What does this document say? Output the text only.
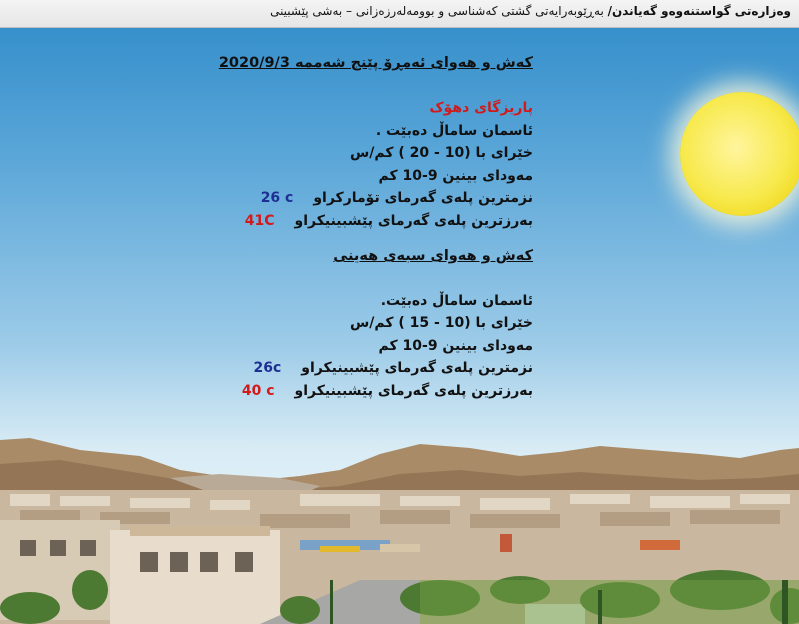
وەزارەتی گواستنەوەو گەیاندن/ بەڕێوبەرایەتی گشتی کەشناسی و بوومەلەرزەزانی – بەشی پێشبینی
کەش و هەوای ئەمڕۆ پێنج شەممە 2020/9/3
پاریزگای دهۆک
ئاسمان ساماڵ دەبێت .
خێرای با (10 - 20 ) کم/س
مەودای بینین 9-10 کم
نزمترین پلەی گەرمای تۆمارکراو26 c
بەرزترین پلەی گەرمای پێشبینیکراو41C
کەش و هەوای سبەی هەینی
ئاسمان ساماڵ دەبێت.
خێرای با (10 - 15 ) کم/س
مەودای بینین 9-10 کم
نزمترین پلەی گەرمای پێشبینیکراو26c
بەرزترین پلەی گەرمای پێشبینیکراو40 c
